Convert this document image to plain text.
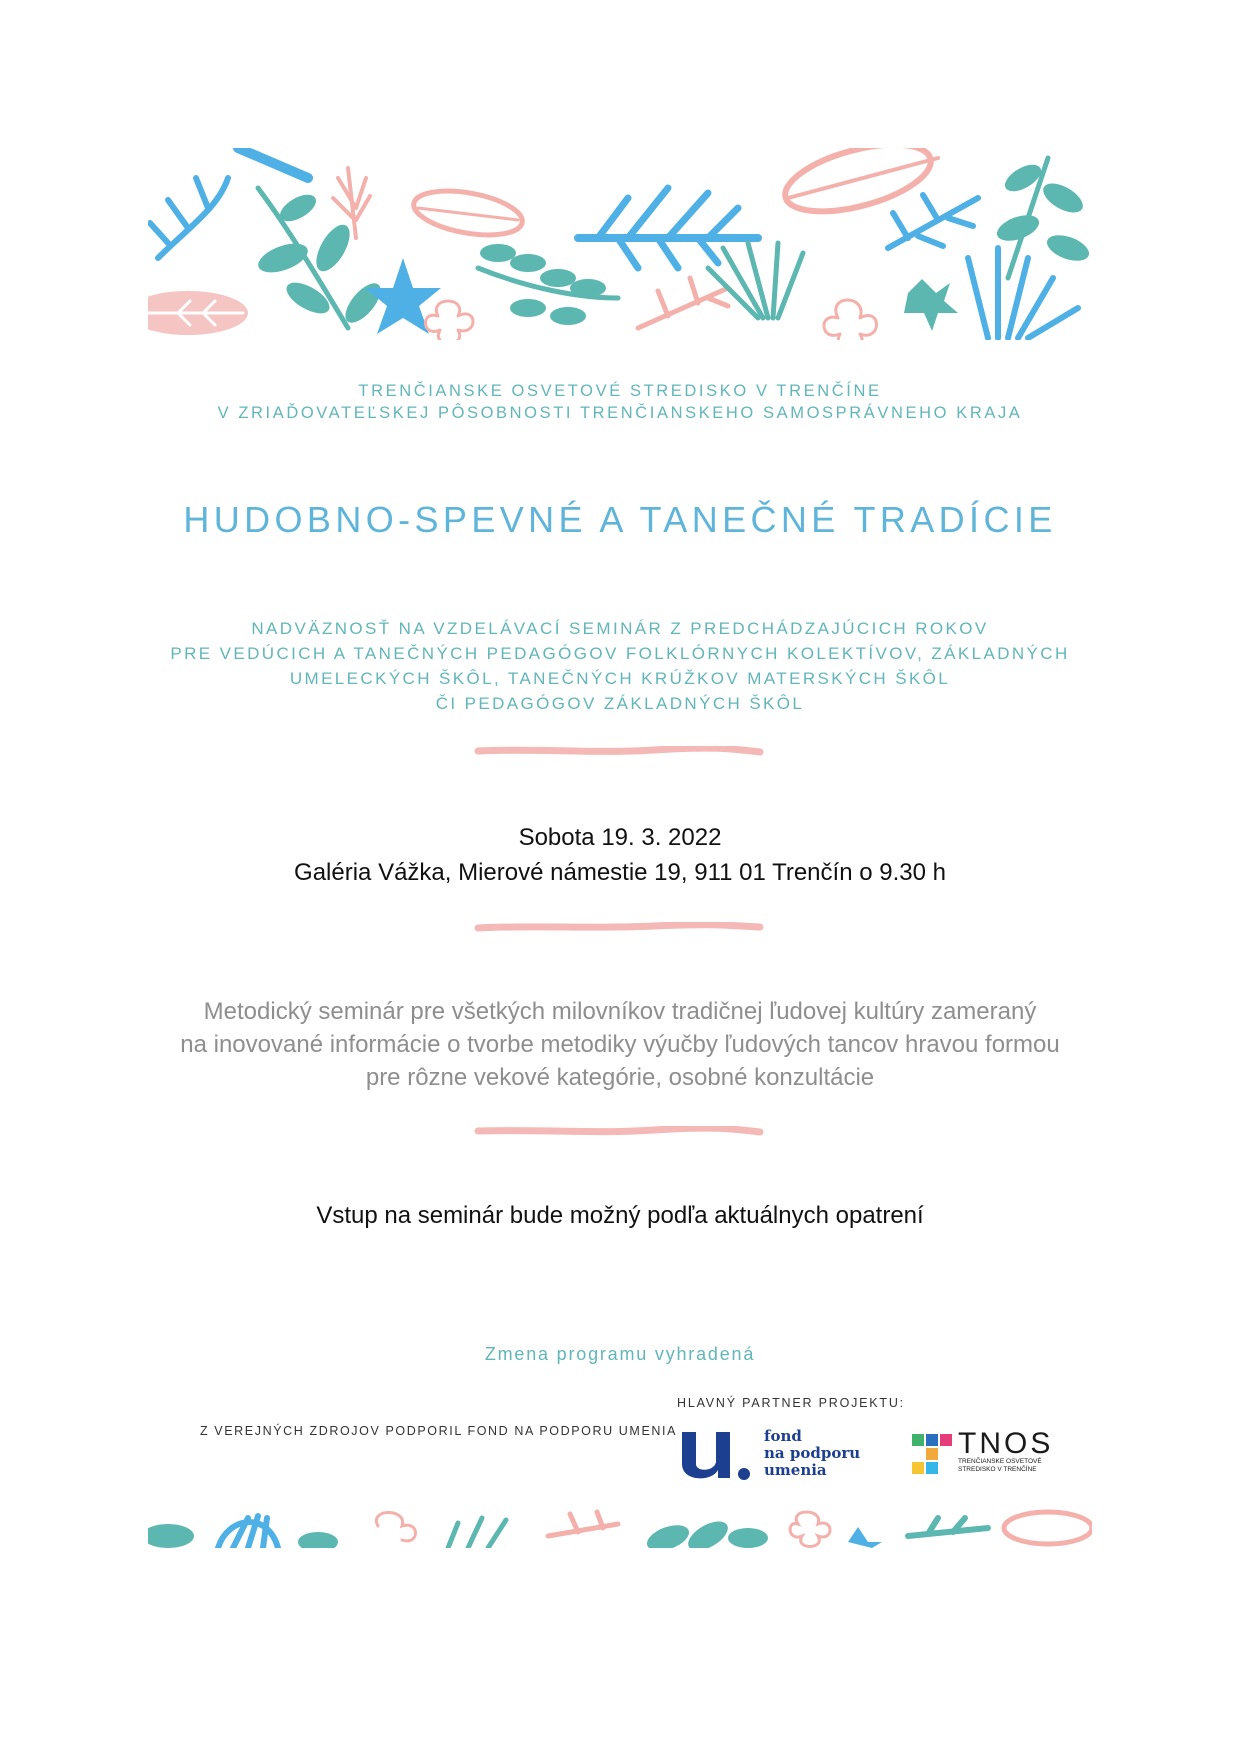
TRENČIANSKE OSVETOVÉ STREDISKO V TRENČÍNE
V ZRIAĎOVATEĽSKEJ PÔSOBNOSTI TRENČIANSKEHO SAMOSPRÁVNEHO KRAJA
HUDOBNO-SPEVNÉ A TANEČNÉ TRADÍCIE
NADVÄZNOSŤ NA VZDELÁVACÍ SEMINÁR Z PREDCHÁDZAJÚCICH ROKOV
PRE VEDÚCICH A TANEČNÝCH PEDAGÓGOV FOLKLÓRNYCH KOLEKTÍVOV, ZÁKLADNÝCH
UMELECKÝCH ŠKÔL, TANEČNÝCH KRÚŽKOV MATERSKÝCH ŠKÔL
ČI PEDAGÓGOV ZÁKLADNÝCH ŠKÔL
Sobota 19. 3. 2022
Galéria Vážka, Mierové námestie 19, 911 01 Trenčín o 9.30 h
Metodický seminár pre všetkých milovníkov tradičnej ľudovej kultúry zameraný
na inovované informácie o tvorbe metodiky výučby ľudových tancov hravou formou
pre rôzne vekové kategórie, osobné konzultácie
Vstup na seminár bude možný podľa aktuálnych opatrení
Zmena programu vyhradená
HLAVNÝ PARTNER PROJEKTU:
Z VEREJNÝCH ZDROJOV PODPORIL FOND NA PODPORU UMENIA	fond
na podporu
umenia
TNOS
TRENČIANSKE OSVETOVÉ
STREDISKO V TRENČÍNE
